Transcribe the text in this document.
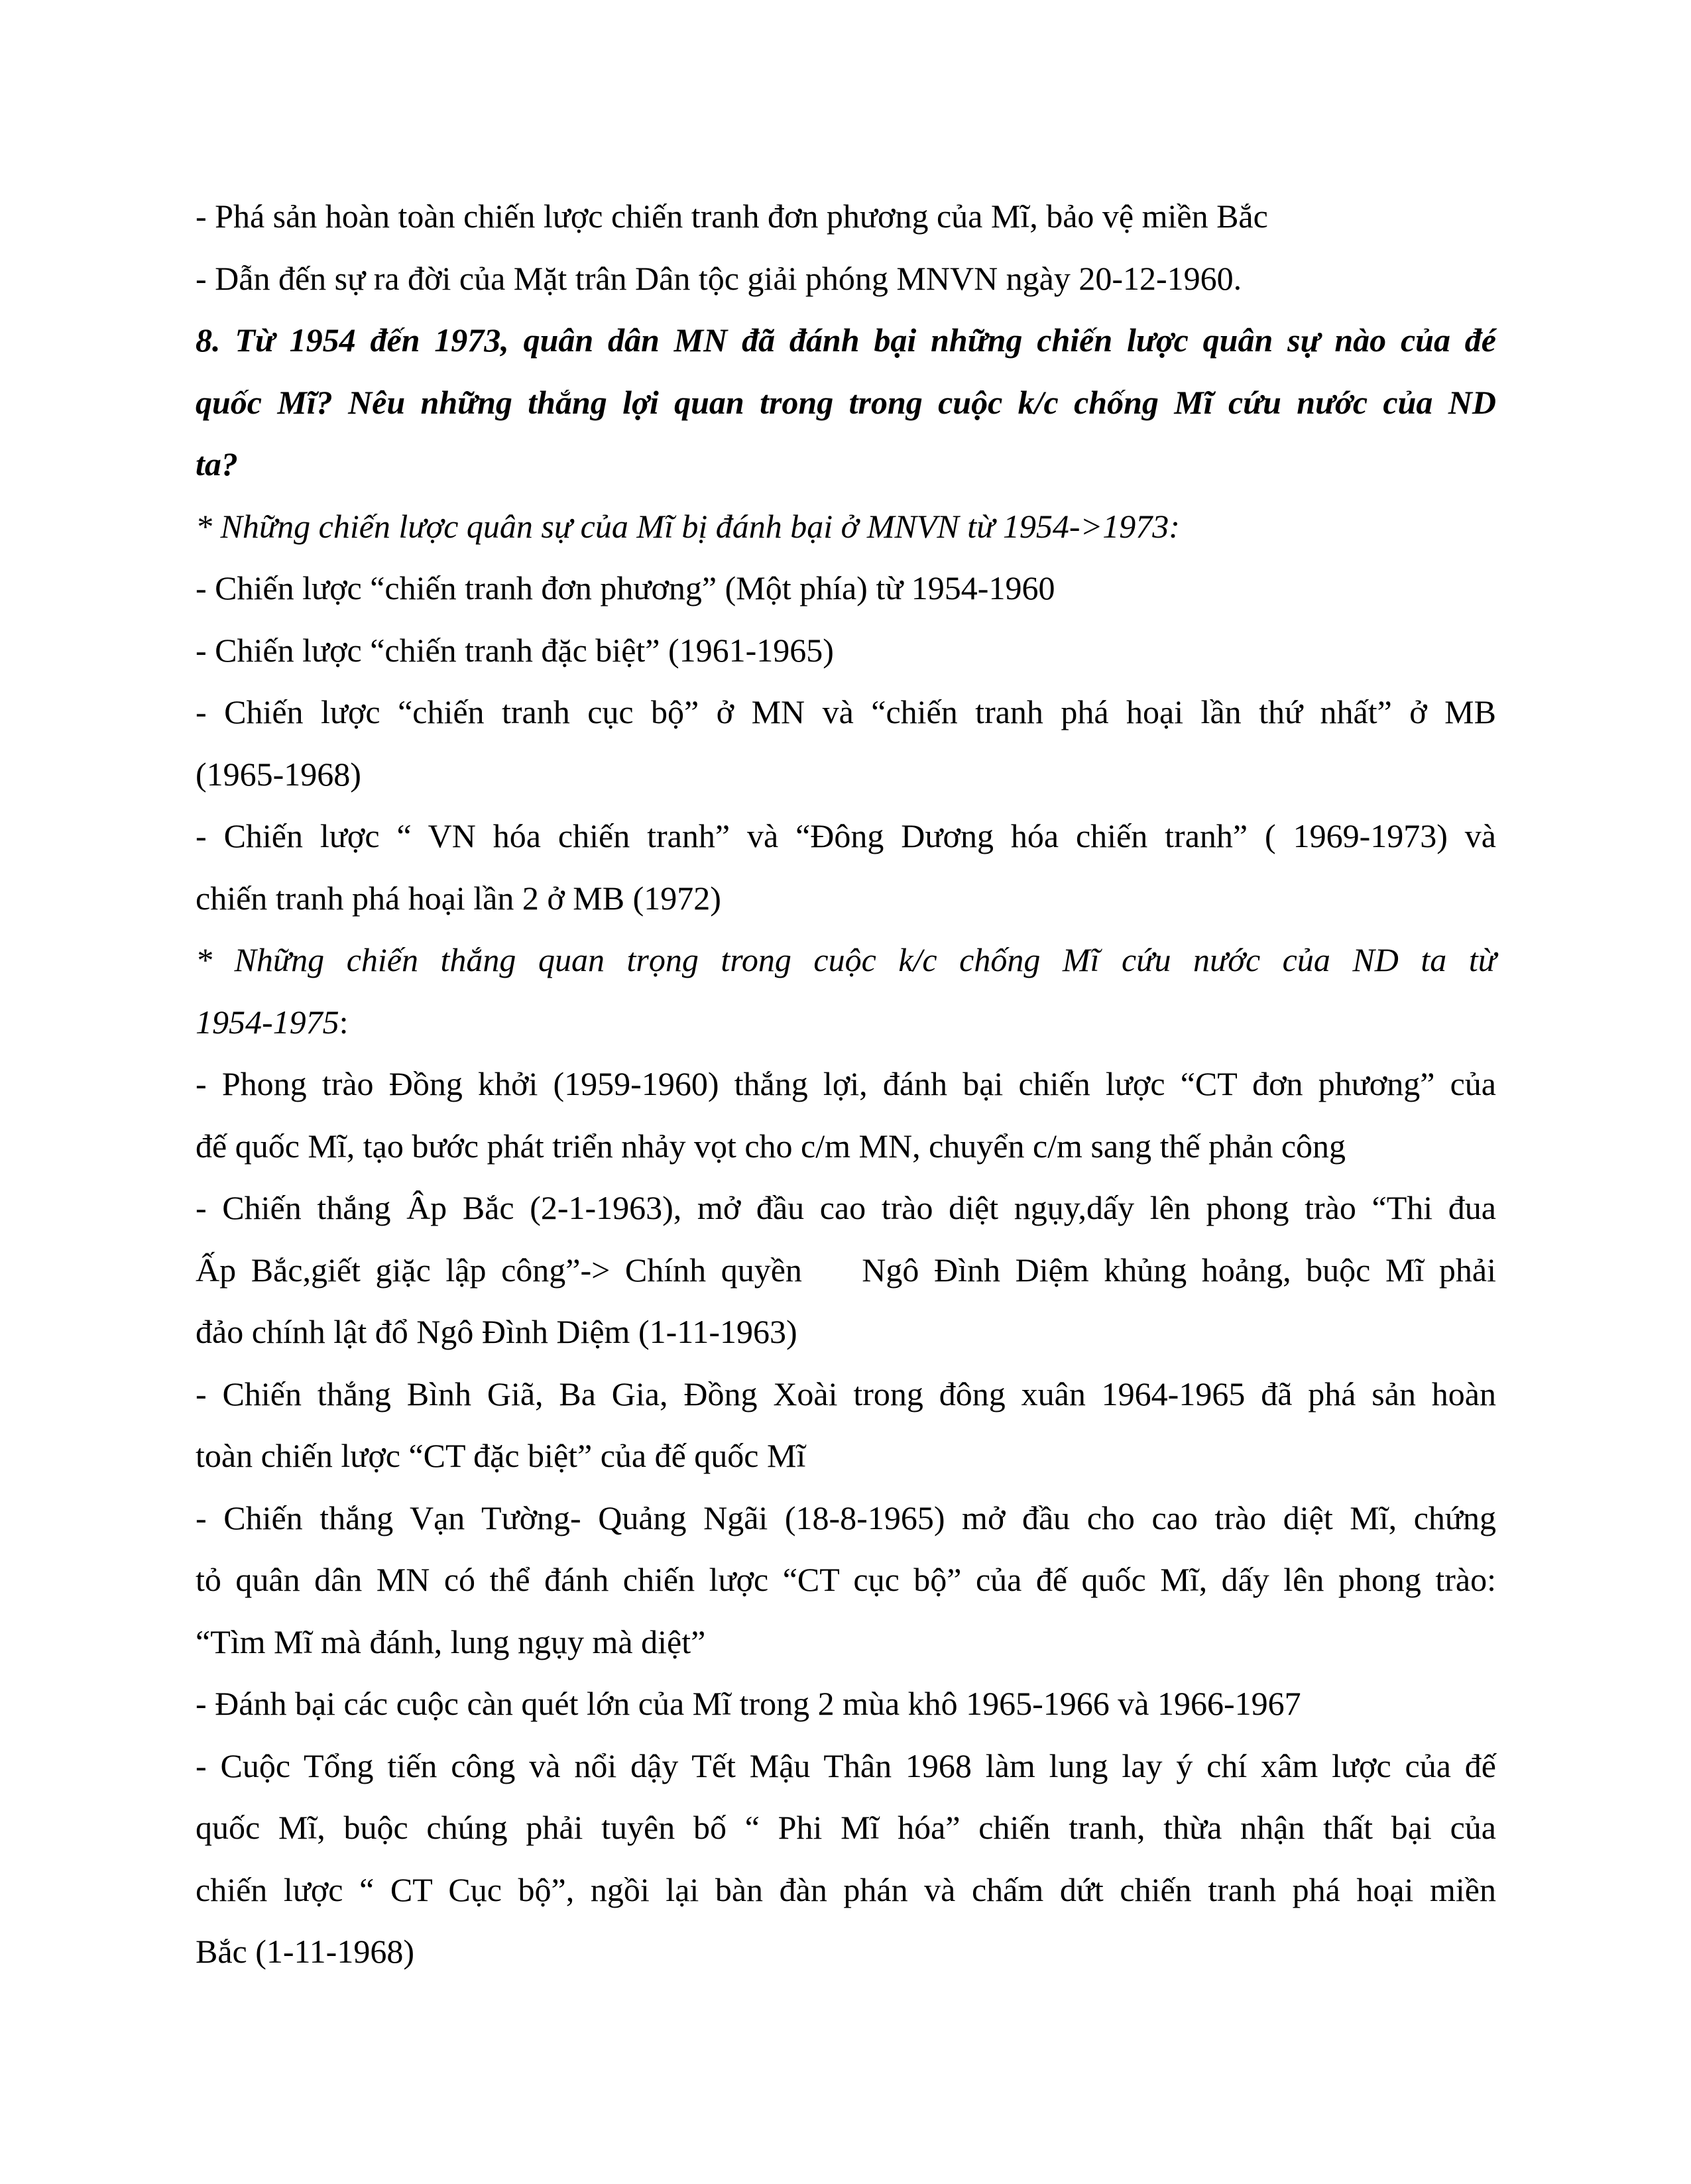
- Phá sản hoàn toàn chiến lược chiến tranh đơn phương của Mĩ, bảo vệ miền Bắc
- Dẫn đến sự ra đời của Mặt trân Dân tộc giải phóng MNVN ngày 20-12-1960.
8. Từ 1954 đến 1973, quân dân MN đã đánh bại những chiến lược quân sự nào của đé
quốc Mĩ? Nêu những thắng lợi quan trong trong cuộc k/c chống Mĩ cứu nước của ND
ta?
* Những chiến lược quân sự của Mĩ bị đánh bại ở MNVN từ 1954->1973:
- Chiến lược “chiến tranh đơn phương” (Một phía) từ 1954-1960
- Chiến lược “chiến tranh đặc biệt” (1961-1965)
- Chiến lược “chiến tranh cục bộ” ở MN và “chiến tranh phá hoại lần thứ nhất” ở MB
(1965-1968)
- Chiến lược “ VN hóa chiến tranh” và “Đông Dương hóa chiến tranh” ( 1969-1973) và
chiến tranh phá hoại lần 2 ở MB (1972)
* Những chiến thắng quan trọng trong cuộc k/c chống Mĩ cứu nước của ND ta từ
1954-1975:
- Phong trào Đồng khởi (1959-1960) thắng lợi, đánh bại chiến lược “CT đơn phương” của
đế quốc Mĩ, tạo bước phát triển nhảy vọt cho c/m MN, chuyển c/m sang thế phản công
- Chiến thắng Âp Bắc (2-1-1963), mở đầu cao trào diệt ngụy,dấy lên phong trào “Thi đua
Ấp Bắc,giết giặc lập công”-> Chính quyền    Ngô Đình Diệm khủng hoảng, buộc Mĩ phải
đảo chính lật đổ Ngô Đình Diệm (1-11-1963)
- Chiến thắng Bình Giã, Ba Gia, Đồng Xoài trong đông xuân 1964-1965 đã phá sản hoàn
toàn chiến lược “CT đặc biệt” của đế quốc Mĩ
- Chiến thắng Vạn Tường- Quảng Ngãi (18-8-1965) mở đầu cho cao trào diệt Mĩ, chứng
tỏ quân dân MN có thể đánh chiến lược “CT cục bộ” của đế quốc Mĩ, dấy lên phong trào:
“Tìm Mĩ mà đánh, lung ngụy mà diệt”
- Đánh bại các cuộc càn quét lớn của Mĩ trong 2 mùa khô 1965-1966 và 1966-1967
- Cuộc Tổng tiến công và nổi dậy Tết Mậu Thân 1968 làm lung lay ý chí xâm lược của đế
quốc Mĩ, buộc chúng phải tuyên bố “ Phi Mĩ hóa” chiến tranh, thừa nhận thất bại của
chiến lược “ CT Cục bộ”, ngồi lại bàn đàn phán và chấm dứt chiến tranh phá hoại miền
Bắc (1-11-1968)
